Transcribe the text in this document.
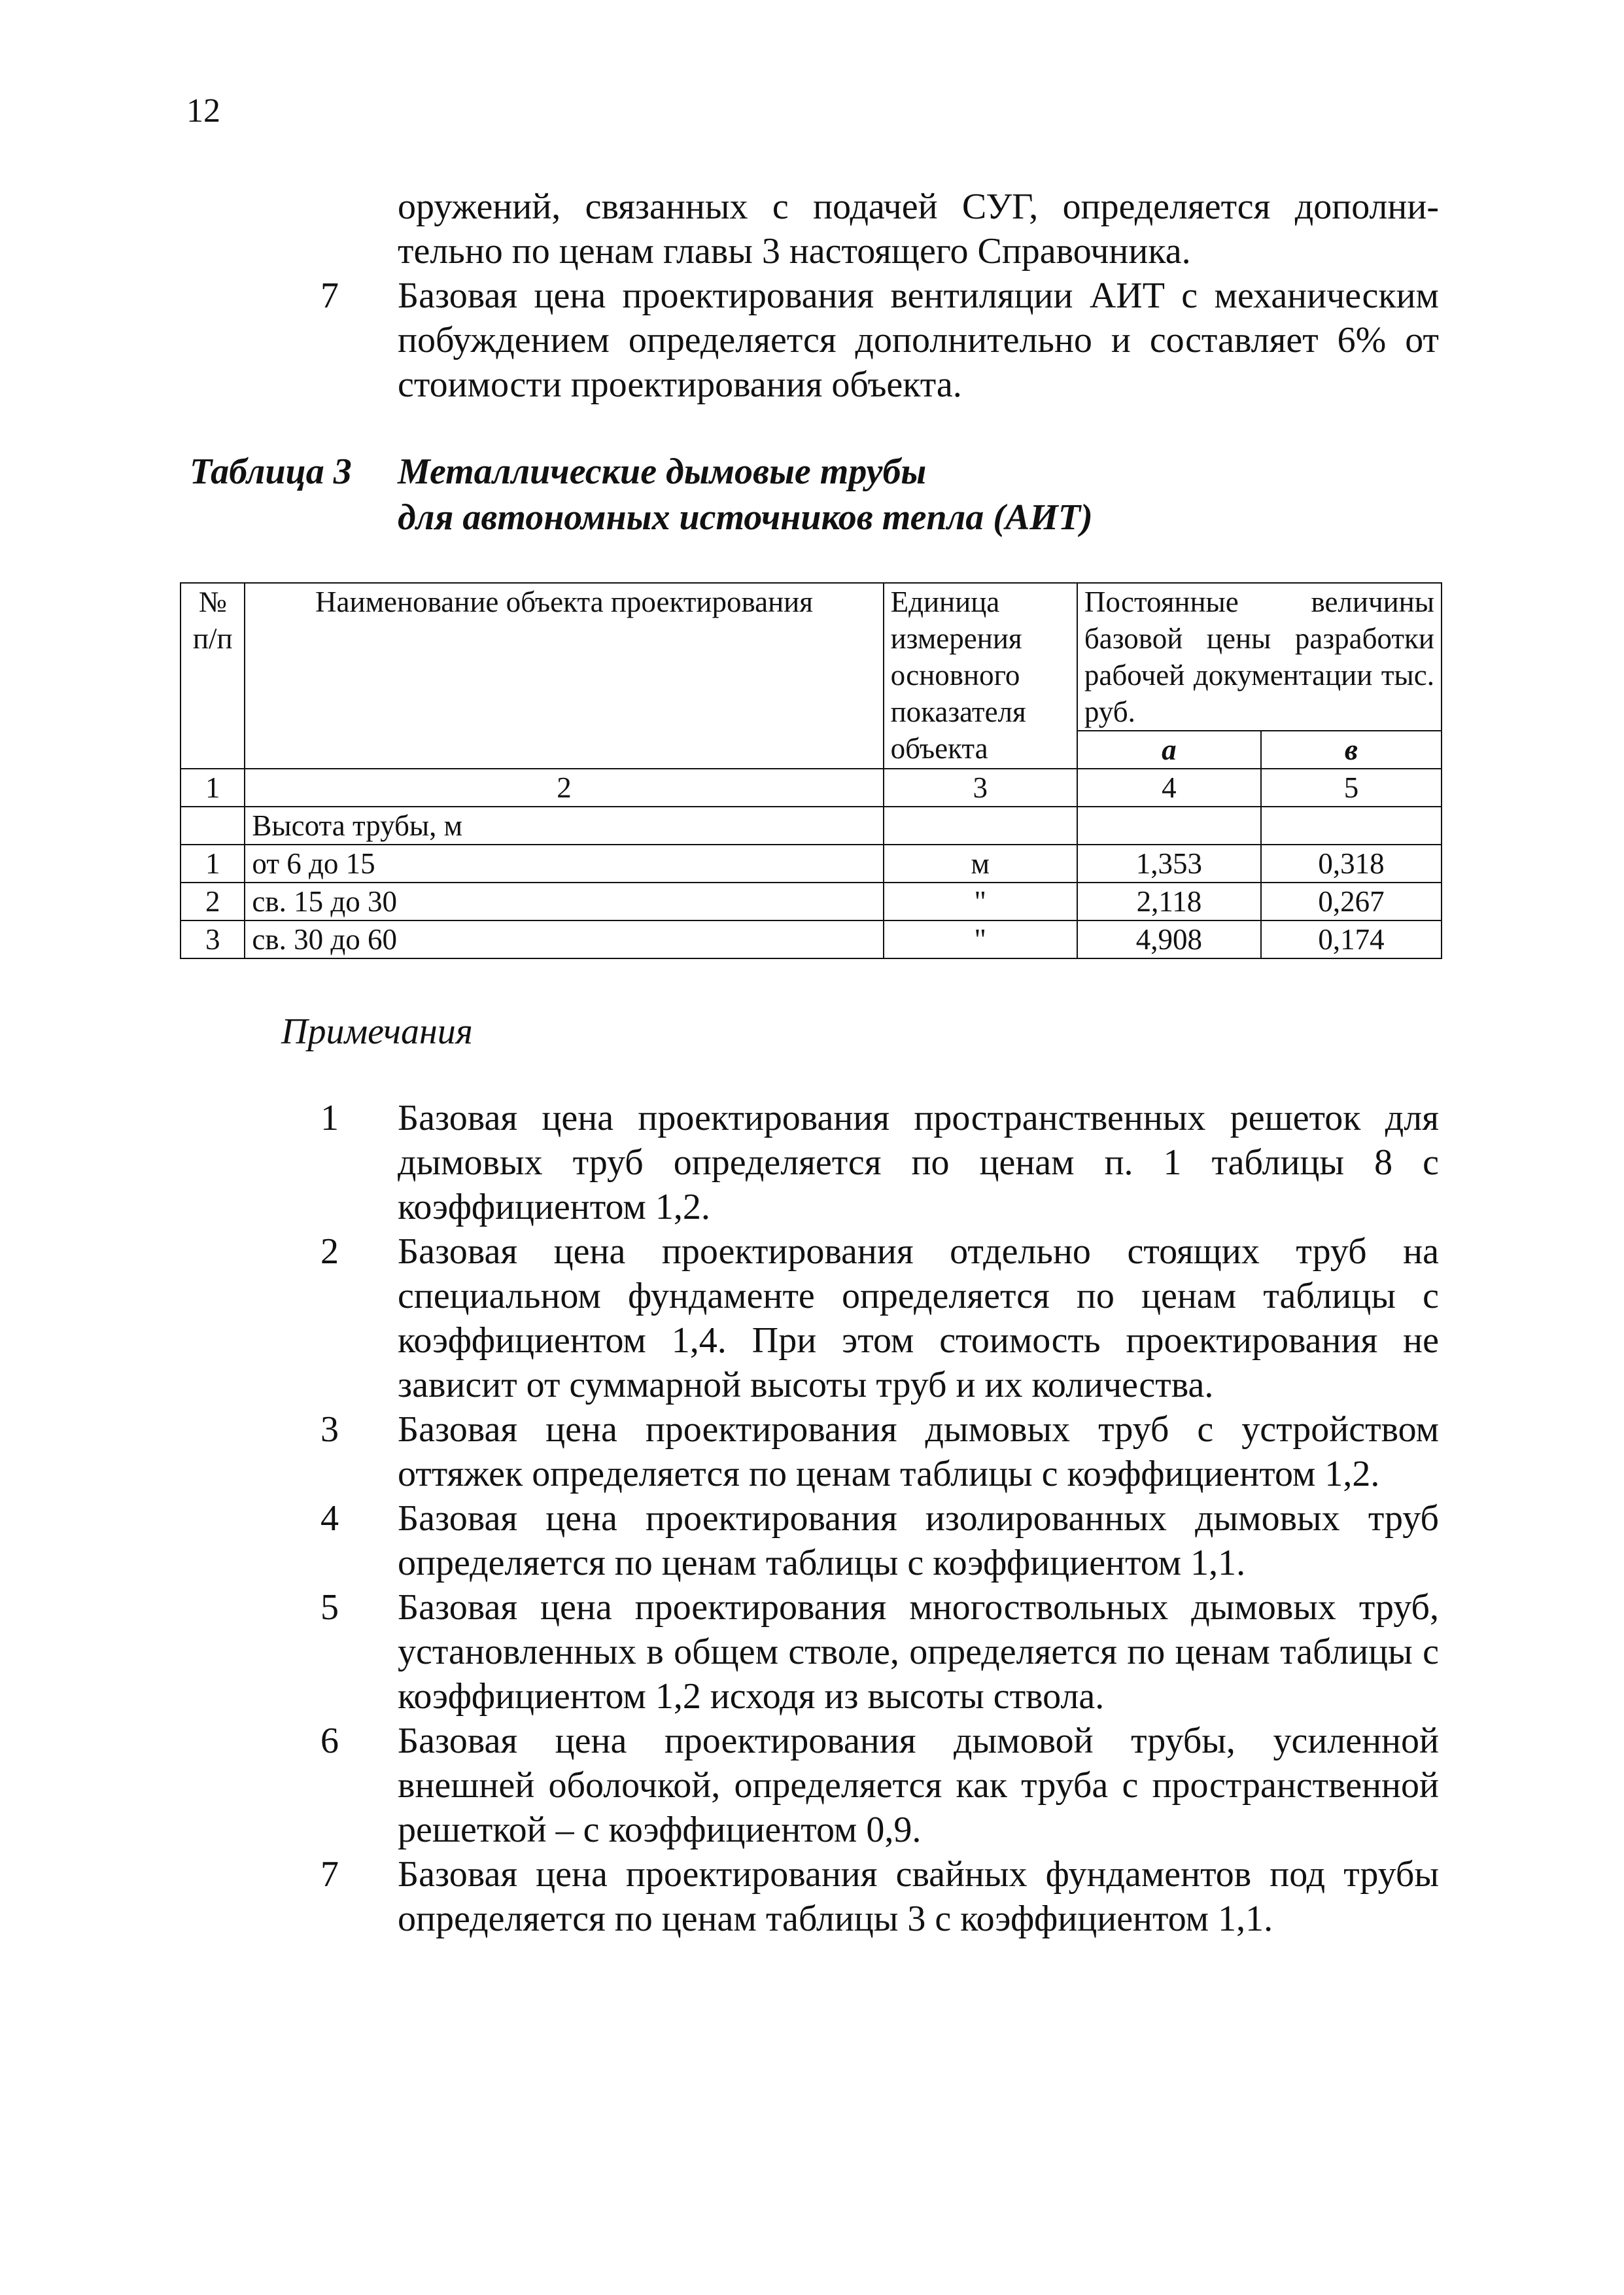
12
оружений, связанных с подачей СУГ, определяется дополни-
тельно по ценам главы 3 настоящего Справочника.
7	Базовая цена проектирования вентиляции АИТ с механическим побуждением определяется дополнительно и составляет 6% от стоимости проектирования объекта.
Таблица 3 Металлические дымовые трубы
для автономных источников тепла (АИТ)
№ п/п	Наименование объекта проектирования	Единица измерения основного показателя объекта	Постоянные величины базовой цены разработки рабочей документации тыс. руб.	
			а	в
1	2	3	4	5
	Высота трубы, м			
1	от 6 до 15	м	1,353	0,318
2	св. 15 до 30	"	2,118	0,267
3	св. 30 до 60	"	4,908	0,174
Примечания
1	Базовая цена проектирования пространственных решеток для дымовых труб определяется по ценам п. 1 таблицы 8 с коэффициентом 1,2.
2	Базовая цена проектирования отдельно стоящих труб на специальном фундаменте определяется по ценам таблицы с коэффициентом 1,4. При этом стоимость проектирования не зависит от суммарной высоты труб и их количества.
3	Базовая цена проектирования дымовых труб с устройством оттяжек определяется по ценам таблицы с коэффициентом 1,2.
4	Базовая цена проектирования изолированных дымовых труб определяется по ценам таблицы с коэффициентом 1,1.
5	Базовая цена проектирования многоствольных дымовых труб, установленных в общем стволе, определяется по ценам таблицы с коэффициентом 1,2 исходя из высоты ствола.
6	Базовая цена проектирования дымовой трубы, усиленной внешней оболочкой, определяется как труба с пространственной решеткой – с коэффициентом 0,9.
7	Базовая цена проектирования свайных фундаментов под трубы определяется по ценам таблицы 3 с коэффициентом 1,1.
